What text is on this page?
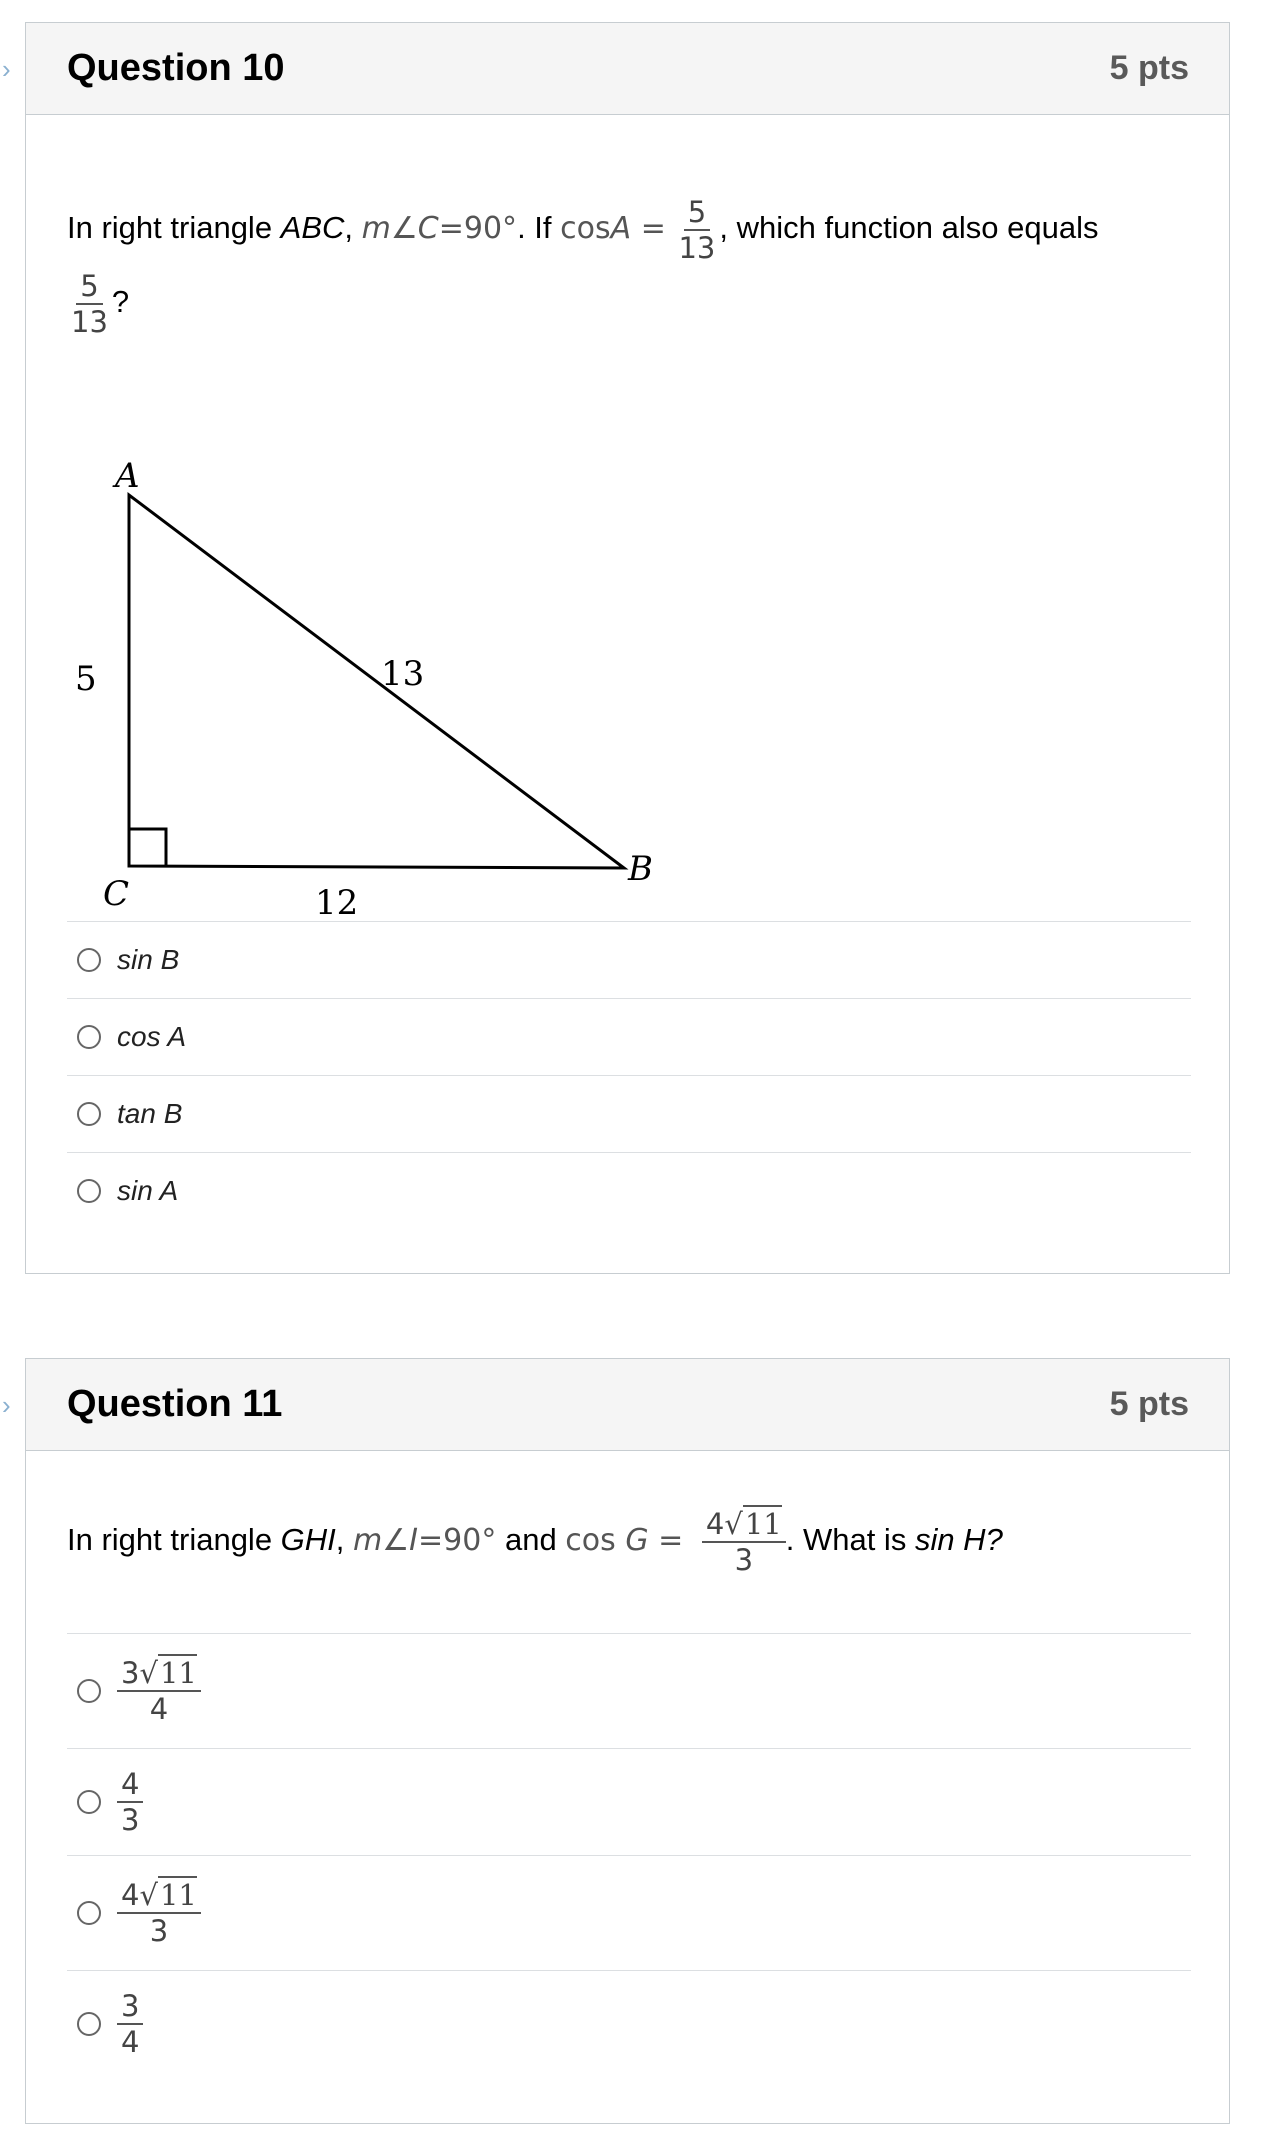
› Question 10	5 pts
In right triangle ABC, m∠C=90°. If $\cos A = \frac{5}{13}$ , which function also equals
$\frac{5}{13}$ ?
A
B
C
5	13
12
sin B
cos A
tan B
sin A
› Question 11	5 pts
In right triangle GHI, m∠I=90° and $\cos G = \frac{4√11}{3}$ . What is sin H?
$\frac{3√11}{4}$
$\frac{4}{3}$
$\frac{4√11}{3}$
$\frac{3}{4}$
